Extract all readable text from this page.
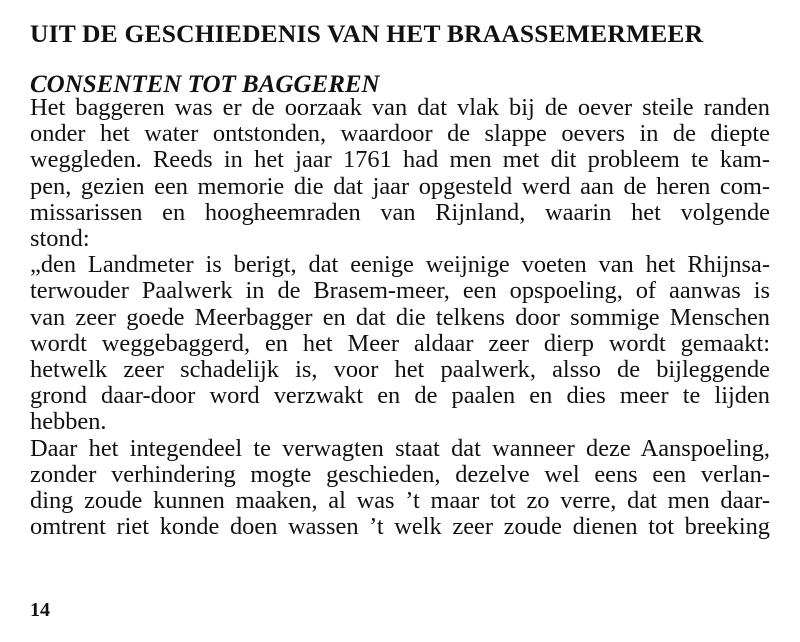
UIT DE GESCHIEDENIS VAN HET BRAASSEMERMEER
CONSENTEN TOT BAGGEREN
Het baggeren was er de oorzaak van dat vlak bij de oever steile randen
onder het water ontstonden, waardoor de slappe oevers in de diepte
weggleden. Reeds in het jaar 1761 had men met dit probleem te kam-
pen, gezien een memorie die dat jaar opgesteld werd aan de heren com-
missarissen en hoogheemraden van Rijnland, waarin het volgende
stond:
„den Landmeter is berigt, dat eenige weijnige voeten van het Rhijnsa-
terwouder Paalwerk in de Brasem-meer, een opspoeling, of aanwas is
van zeer goede Meerbagger en dat die telkens door sommige Menschen
wordt weggebaggerd, en het Meer aldaar zeer dierp wordt gemaakt:
hetwelk zeer schadelijk is, voor het paalwerk, alsso de bijleggende
grond daar-door word verzwakt en de paalen en dies meer te lijden
hebben.
Daar het integendeel te verwagten staat dat wanneer deze Aanspoeling,
zonder verhindering mogte geschieden, dezelve wel eens een verlan-
ding zoude kunnen maaken, al was ’t maar tot zo verre, dat men daar-
omtrent riet konde doen wassen ’t welk zeer zoude dienen tot breeking
14
